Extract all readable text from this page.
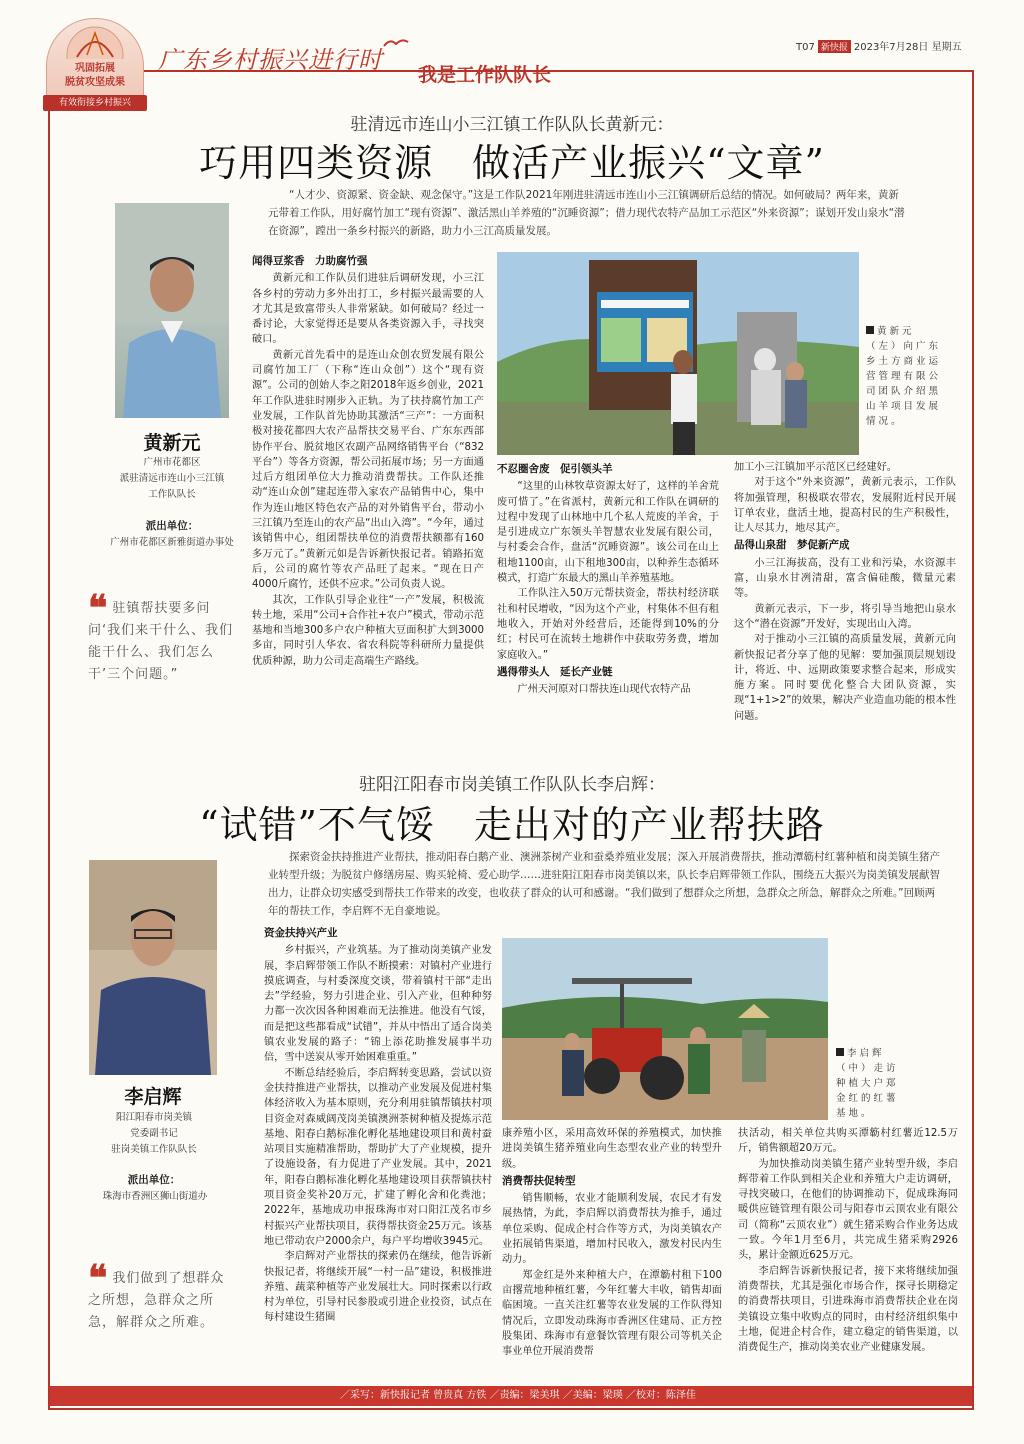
巩固拓展
脱贫攻坚成果
有效衔接乡村振兴
广东乡村振兴进行时
我是工作队队长
T07 新快报 2023年7月28日 星期五
驻清远市连山小三江镇工作队队长黄新元：
巧用四类资源　做活产业振兴“文章”
“人才少、资源紧、资金缺、观念保守。”这是工作队2021年刚进驻清远市连山小三江镇调研后总结的情况。如何破局？两年来，黄新元带着工作队，用好腐竹加工“现有资源”、激活黑山羊养殖的“沉睡资源”；借力现代农特产品加工示范区“外来资源”；谋划开发山泉水“潜在资源”，蹚出一条乡村振兴的新路，助力小三江高质量发展。
黄新元
广州市花都区
派驻清远市连山小三江镇
工作队队长
派出单位：
广州市花都区新雅街道办事处
❝ 驻镇帮扶要多问问‘我们来干什么、我们能干什么、我们怎么干’三个问题。”
闻得豆浆香　力助腐竹强

黄新元和工作队员们进驻后调研发现，小三江各乡村的劳动力多外出打工，乡村振兴最需要的人才尤其是致富带头人非常紧缺。如何破局？经过一番讨论，大家觉得还是要从各类资源入手，寻找突破口。

黄新元首先看中的是连山众创农贸发展有限公司腐竹加工厂（下称“连山众创”）这个“现有资源”。公司的创始人李之阳2018年返乡创业，2021年工作队进驻时刚步入正轨。为了扶持腐竹加工产业发展，工作队首先协助其激活“三产”：一方面积极对接花都四大农产品帮扶交易平台、广东东西部协作平台、脱贫地区农副产品网络销售平台（“832平台”）等各方资源，帮公司拓展市场；另一方面通过后方组团单位大力推动消费帮扶。工作队还推动“连山众创”建起连带入家农产品销售中心，集中作为连山地区特色农产品的对外销售平台，带动小三江镇乃至连山的农产品“出山入湾”。“今年，通过该销售中心，组团帮扶单位的消费帮扶额都有160多万元了。”黄新元如是告诉新快报记者。销路拓宽后，公司的腐竹等农产品旺了起来。“现在日产4000斤腐竹，还供不应求。”公司负责人说。

其次，工作队引导企业往“一产”发展，积极流转土地，采用“公司+合作社+农户”模式，带动示范基地和当地300多户农户种植大豆面积扩大到3000多亩，同时引人华农、省农科院等科研所力量提供优质种源，助力公司走高端生产路线。

黄新元（左）向广东乡土方商业运营管理有限公司团队介绍黑山羊项目发展情况。
不忍圈舍废　促引领头羊

“这里的山林牧草资源太好了，这样的羊舍荒废可惜了。”在省派村，黄新元和工作队在调研的过程中发现了山林地中几个私人荒废的羊舍，于是引进成立广东领头羊智慧农业发展有限公司，与村委会合作，盘活“沉睡资源”。该公司在山上租地1100亩，山下租地300亩，以种养生态循环模式，打造广东最大的黑山羊养殖基地。

工作队注入50万元帮扶资金，帮扶村经济联社和村民增收，“因为这个产业，村集体不但有租地收入，开始对外经营后，还能得到10%的分红；村民可在流转土地耕作中获取劳务费，增加家庭收入。”

遇得带头人　延长产业链

广州天河原对口帮扶连山现代农特产品

加工小三江镇加平示范区已经建好。

对于这个“外来资源”，黄新元表示，工作队将加强管理，积极联农带农，发展附近村民开展订单农业，盘活土地，提高村民的生产积极性，让人尽其力，地尽其产。

品得山泉甜　梦促新产成

小三江海拔高，没有工业和污染，水资源丰富，山泉水甘冽清甜，富含偏硅酸，微量元素等。

黄新元表示，下一步，将引导当地把山泉水这个“潜在资源”开发好，实现出山入湾。

对于推动小三江镇的高质量发展，黄新元向新快报记者分享了他的见解：要加强顶层规划设计，将近、中、远期政策要求整合起来，形成实施方案。同时要优化整合大团队资源，实现“1+1>2”的效果，解决产业造血功能的根本性问题。

驻阳江阳春市岗美镇工作队队长李启辉：
“试错”不气馁　走出对的产业帮扶路
探索资金扶持推进产业帮扶，推动阳春白鹅产业、澳洲茶树产业和蚕桑养殖业发展；深入开展消费帮扶，推动潭簕村红薯种植和岗美镇生猪产业转型升级；为脱贫户修缮房屋、购买轮椅、爱心助学……进驻阳江阳春市岗美镇以来，队长李启辉带领工作队，围绕五大振兴为岗美镇发展献智出力，让群众切实感受到帮扶工作带来的改变，也收获了群众的认可和感谢。“我们做到了想群众之所想，急群众之所急，解群众之所难。”回顾两年的帮扶工作，李启辉不无自豪地说。
李启辉
阳江阳春市岗美镇
党委副书记
驻岗美镇工作队队长
派出单位：
珠海市香洲区狮山街道办
❝ 我们做到了想群众之所想，急群众之所急，解群众之所难。
资金扶持兴产业

乡村振兴，产业筑基。为了推动岗美镇产业发展，李启辉带领工作队不断摸索：对镇村产业进行摸底调查，与村委深度交谈，带着镇村干部“走出去”学经验，努力引进企业、引入产业，但种种努力都一次次因各种困难而无法推进。他没有气馁，而是把这些都看成“试错”，并从中悟出了适合岗美镇农业发展的路子：“锦上添花助推发展事半功倍，雪中送炭从零开始困难重重。”

不断总结经验后，李启辉转变思路，尝试以资金扶持推进产业帮扶，以推动产业发展及促进村集体经济收入为基本原则，充分利用驻镇帮镇扶村项目资金对森威阔茂岗美镇澳洲茶树种植及提炼示范基地、阳春白鹅标准化孵化基地建设项目和黄村蚕站项目实施精准帮助，帮助扩大了产业规模，提升了设施设备，有力促进了产业发展。其中，2021年，阳春白鹅标准化孵化基地建设项目获帮镇扶村项目资金奖补20万元，扩建了孵化舍和化粪池；2022年，基地成功申报珠海市对口阳江茂名市乡村振兴产业帮扶项目，获得帮扶资金25万元。该基地已带动农户2000余户，每户平均增收3945元。

李启辉对产业帮扶的探索仍在继续，他告诉新快报记者，将继续开展“一村一品”建设，积极推进养殖、蔬菜种植等产业发展壮大。同时探索以行政村为单位，引导村民参股或引进企业投资，试点在每村建设生猪圈

李启辉（中）走访种植大户郑金红的红薯基地。

康养殖小区，采用高效环保的养殖模式，加快推进岗美镇生猪养殖业向生态型农业产业的转型升级。

消费帮扶促转型

销售顺畅，农业才能顺利发展，农民才有发展热情，为此，李启辉以消费帮扶为推手，通过单位采购、促成企村合作等方式，为岗美镇农产业拓展销售渠道，增加村民收入，激发村民内生动力。

郑金红是外来种植大户，在潭簕村租下100亩撂荒地种植红薯，今年红薯大丰收，销售却面临困境。一直关注红薯等农业发展的工作队得知情况后，立即发动珠海市香洲区住建局、正方控股集团、珠海市有意餐饮管理有限公司等机关企事业单位开展消费帮

扶活动，相关单位共购买潭簕村红薯近12.5万斤，销售额超20万元。

为加快推动岗美镇生猪产业转型升级，李启辉带着工作队到相关企业和养殖大户走访调研，寻找突破口，在他们的协调推动下，促成珠海同暖供应链管理有限公司与阳春市云顶农业有限公司（简称“云顶农业”）就生猪采购合作业务达成一致。今年1月至6月，共完成生猪采购2926头，累计金额近625万元。

李启辉告诉新快报记者，接下来将继续加强消费帮扶，尤其是强化市场合作，探寻长期稳定的消费帮扶项目，引进珠海市消费帮扶企业在岗美镇设立集中收购点的同时，由村经济组织集中土地，促进企村合作，建立稳定的销售渠道，以消费促生产，推动岗美农业产业健康发展。

／采写：新快报记者 曾贵真 方铁 ／责编：梁美琪 ／美编：梁瑛 ／校对：陈泽佳
